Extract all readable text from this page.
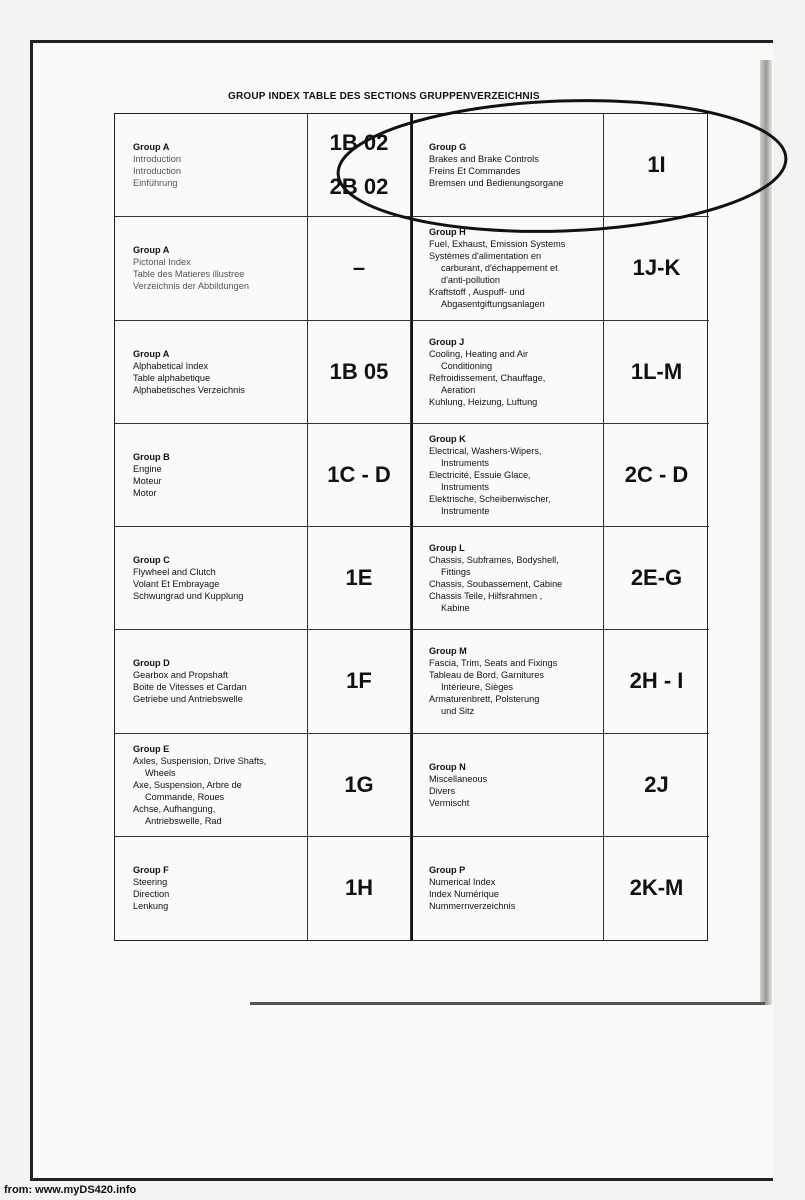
GROUP INDEX TABLE DES SECTIONS GRUPPENVERZEICHNIS
Group A
Introduction
Introduction
Einführung
1B 02
2B 02
Group G
Brakes and Brake Controls
Freins Et Commandes
Bremsen und Bedienungsorgane
1I
Group A
Pictorial Index
Table des Matieres illustree
Verzeichnis der Abbildungen
–
Group H
Fuel, Exhaust, Emission Systems
Systèmes d'alimentation en
carburant, d'échappement et
d'anti-pollution
Kraftstoff , Auspuff- und
Abgasentgiftungsanlagen
1J-K
Group A
Alphabetical Index
Table alphabetique
Alphabetisches Verzeichnis
1B 05
Group J
Cooling, Heating and Air
Conditioning
Refroidissement, Chauffage,
Aeration
Kuhlung, Heizung, Luftung
1L-M
Group B
Engine
Moteur
Motor
1C - D
Group K
Electrical, Washers-Wipers,
Instruments
Electricité, Essuie Glace,
Instruments
Elektrische, Scheibenwischer,
Instrumente
2C - D
Group C
Flywheel and Clutch
Volant Et Embrayage
Schwungrad und Kupplung
1E
Group L
Chassis, Subframes, Bodyshell,
Fittings
Chassis, Soubassement, Cabine
Chassis Teile, Hilfsrahmen ,
Kabine
2E-G
Group D
Gearbox and Propshaft
Boite de Vitesses et Cardan
Getriebe und Antriebswelle
1F
Group M
Fascia, Trim, Seats and Fixings
Tableau de Bord, Garnitures
Intérieure, Sièges
Armaturenbrett, Polsterung
und Sitz
2H - I
Group E
Axles, Suspension, Drive Shafts,
Wheels
Axe, Suspension, Arbre de
Commande, Roues
Achse, Aufhangung,
Antriebswelle, Rad
1G
Group N
Miscellaneous
Divers
Vermischt
2J
Group F
Steering
Direction
Lenkung
1H
Group P
Numerical Index
Index Numérique
Nummernverzeichnis
2K-M
from: www.myDS420.info
